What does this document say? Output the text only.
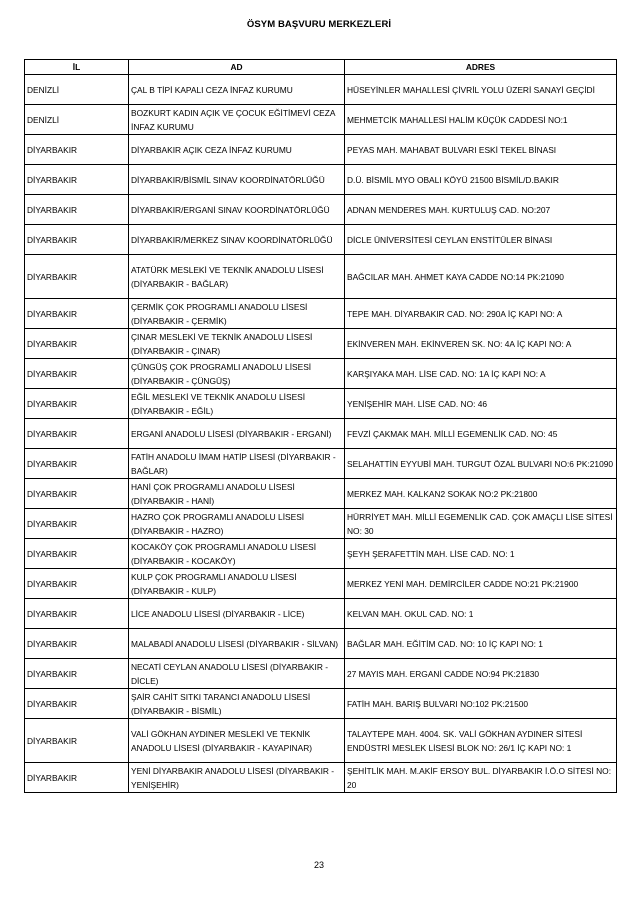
ÖSYM BAŞVURU MERKEZLERİ
İL	AD	ADRES
DENİZLİ	ÇAL B TİPİ KAPALI CEZA İNFAZ KURUMU	HÜSEYİNLER MAHALLESİ ÇİVRİL YOLU ÜZERİ SANAYİ GEÇİDİ
DENİZLİ	BOZKURT KADIN AÇIK VE ÇOCUK EĞİTİMEVİ CEZA İNFAZ KURUMU	MEHMETCİK MAHALLESİ HALİM KÜÇÜK CADDESİ NO:1
DİYARBAKIR	DİYARBAKIR AÇIK CEZA İNFAZ KURUMU	PEYAS MAH. MAHABAT BULVARI ESKİ TEKEL BİNASI
DİYARBAKIR	DİYARBAKIR/BİSMİL SINAV KOORDİNATÖRLÜĞÜ	D.Ü. BİSMİL MYO OBALI KÖYÜ 21500 BİSMİL/D.BAKIR
DİYARBAKIR	DİYARBAKIR/ERGANİ SINAV KOORDİNATÖRLÜĞÜ	ADNAN MENDERES MAH. KURTULUŞ CAD. NO:207
DİYARBAKIR	DİYARBAKIR/MERKEZ SINAV KOORDİNATÖRLÜĞÜ	DİCLE ÜNİVERSİTESİ CEYLAN ENSTİTÜLER BİNASI
DİYARBAKIR	ATATÜRK MESLEKİ VE TEKNİK ANADOLU LİSESİ (DİYARBAKIR - BAĞLAR)	BAĞCILAR MAH. AHMET KAYA CADDE NO:14 PK:21090
DİYARBAKIR	ÇERMİK ÇOK PROGRAMLI ANADOLU LİSESİ (DİYARBAKIR - ÇERMİK)	TEPE MAH. DİYARBAKIR CAD. NO: 290A İÇ KAPI NO: A
DİYARBAKIR	ÇINAR MESLEKİ VE TEKNİK ANADOLU LİSESİ (DİYARBAKIR - ÇINAR)	EKİNVEREN MAH. EKİNVEREN SK. NO: 4A İÇ KAPI NO: A
DİYARBAKIR	ÇÜNGÜŞ ÇOK PROGRAMLI ANADOLU LİSESİ (DİYARBAKIR - ÇÜNGÜŞ)	KARŞIYAKA MAH. LİSE CAD. NO: 1A İÇ KAPI NO: A
DİYARBAKIR	EĞİL MESLEKİ VE TEKNİK ANADOLU LİSESİ (DİYARBAKIR - EĞİL)	YENİŞEHİR MAH. LİSE CAD. NO: 46
DİYARBAKIR	ERGANİ ANADOLU LİSESİ (DİYARBAKIR - ERGANİ)	FEVZİ ÇAKMAK MAH. MİLLİ EGEMENLİK CAD. NO: 45
DİYARBAKIR	FATİH ANADOLU İMAM HATİP LİSESİ (DİYARBAKIR - BAĞLAR)	SELAHATTİN EYYUBİ MAH. TURGUT ÖZAL BULVARI NO:6 PK:21090
DİYARBAKIR	HANİ ÇOK PROGRAMLI ANADOLU LİSESİ (DİYARBAKIR - HANİ)	MERKEZ MAH. KALKAN2 SOKAK NO:2 PK:21800
DİYARBAKIR	HAZRO ÇOK PROGRAMLI ANADOLU LİSESİ (DİYARBAKIR - HAZRO)	HÜRRİYET MAH. MİLLİ EGEMENLİK CAD. ÇOK AMAÇLI LİSE SİTESİ NO: 30
DİYARBAKIR	KOCAKÖY ÇOK PROGRAMLI ANADOLU LİSESİ (DİYARBAKIR - KOCAKÖY)	ŞEYH ŞERAFETTİN MAH. LİSE CAD. NO: 1
DİYARBAKIR	KULP ÇOK PROGRAMLI ANADOLU LİSESİ (DİYARBAKIR - KULP)	MERKEZ YENİ MAH. DEMİRCİLER CADDE NO:21 PK:21900
DİYARBAKIR	LİCE ANADOLU LİSESİ (DİYARBAKIR - LİCE)	KELVAN MAH. OKUL CAD. NO: 1
DİYARBAKIR	MALABADİ ANADOLU LİSESİ (DİYARBAKIR - SİLVAN)	BAĞLAR MAH. EĞİTİM CAD. NO: 10 İÇ KAPI NO: 1
DİYARBAKIR	NECATİ CEYLAN ANADOLU LİSESİ (DİYARBAKIR - DİCLE)	27 MAYIS MAH. ERGANİ CADDE NO:94 PK:21830
DİYARBAKIR	ŞAİR CAHİT SITKI TARANCI ANADOLU LİSESİ (DİYARBAKIR - BİSMİL)	FATİH MAH. BARIŞ BULVARI NO:102 PK:21500
DİYARBAKIR	VALİ GÖKHAN AYDINER MESLEKİ VE TEKNİK ANADOLU LİSESİ (DİYARBAKIR - KAYAPINAR)	TALAYTEPE MAH. 4004. SK. VALİ GÖKHAN AYDINER SİTESİ ENDÜSTRİ MESLEK LİSESİ BLOK NO: 26/1 İÇ KAPI NO: 1
DİYARBAKIR	YENİ DİYARBAKIR ANADOLU LİSESİ (DİYARBAKIR - YENİŞEHİR)	ŞEHİTLİK MAH. M.AKİF ERSOY BUL. DİYARBAKIR İ.Ö.O SİTESİ NO: 20
23
